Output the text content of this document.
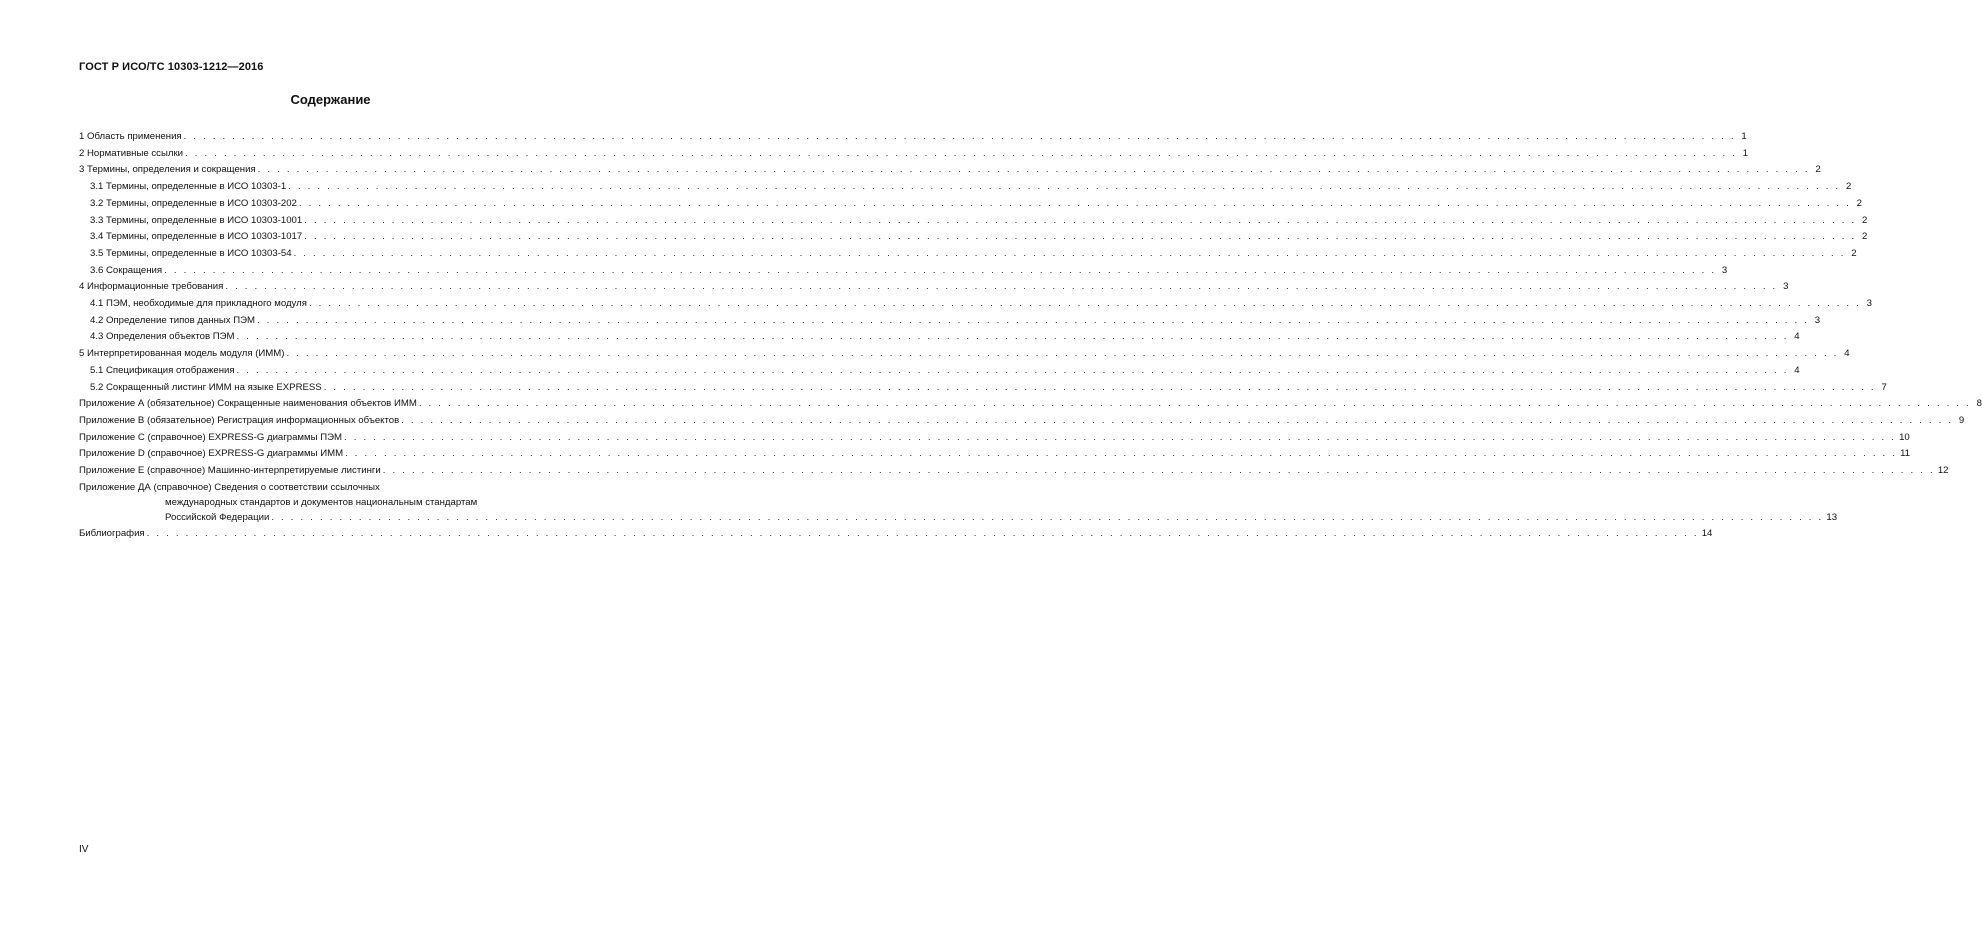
ГОСТ Р ИСО/ТС 10303-1212—2016
Содержание
1 Область применения . . . . . . . . . . . . . . . . . . . . . . . . . . . . . . . . . . . . . . . . . . . . . . . . . . . . . . . . . . . . . . . . . . . . . . . . . . . . . . . . . . . . . . . . . . . . . . . . . . . . . . . . . . . . . . . . . . . . . . . . . . . . . . . . . . . . . . . . . . . . . . . . . . . . . . . . . . . . . . . . 1
2 Нормативные ссылки . . . . . . . . . . . . . . . . . . . . . . . . . . . . . . . . . . . . . . . . . . . . . . . . . . . . . . . . . . . . . . . . . . . . . . . . . . . . . . . . . . . . . . . . . . . . . . . . . . . . . . . . . . . . . . . . . . . . . . . . . . . . . . . . . . . . . . . . . . . . . . . . . . . . . . . . . . . . . . . . 1
3 Термины, определения и сокращения . . . . . . . . . . . . . . . . . . . . . . . . . . . . . . . . . . . . . . . . . . . . . . . . . . . . . . . . . . . . . . . . . . . . . . . . . . . . . . . . . . . . . . . . . . . . . . . . . . . . . . . . . . . . . . . . . . . . . . . . . . . . . . . . . . . . . . . . . . . . . . . . . . . . . . . . . . . . . . . . 2
3.1 Термины, определенные в ИСО 10303-1 . . . . . . . . . . . . . . . . . . . . . . . . . . . . . . . . . . . . . . . . . . . . . . . . . . . . . . . . . . . . . . . . . . . . . . . . . . . . . . . . . . . . . . . . . . . . . . . . . . . . . . . . . . . . . . . . . . . . . . . . . . . . . . . . . . . . . . . . . . . . . . . . . . . . . . . . . . . . . . . . 2
3.2 Термины, определенные в ИСО 10303-202 . . . . . . . . . . . . . . . . . . . . . . . . . . . . . . . . . . . . . . . . . . . . . . . . . . . . . . . . . . . . . . . . . . . . . . . . . . . . . . . . . . . . . . . . . . . . . . . . . . . . . . . . . . . . . . . . . . . . . . . . . . . . . . . . . . . . . . . . . . . . . . . . . . . . . . . . . . . . . . . . 2
3.3 Термины, определенные в ИСО 10303-1001 . . . . . . . . . . . . . . . . . . . . . . . . . . . . . . . . . . . . . . . . . . . . . . . . . . . . . . . . . . . . . . . . . . . . . . . . . . . . . . . . . . . . . . . . . . . . . . . . . . . . . . . . . . . . . . . . . . . . . . . . . . . . . . . . . . . . . . . . . . . . . . . . . . . . . . . . . . . . . . . . 2
3.4 Термины, определенные в ИСО 10303-1017 . . . . . . . . . . . . . . . . . . . . . . . . . . . . . . . . . . . . . . . . . . . . . . . . . . . . . . . . . . . . . . . . . . . . . . . . . . . . . . . . . . . . . . . . . . . . . . . . . . . . . . . . . . . . . . . . . . . . . . . . . . . . . . . . . . . . . . . . . . . . . . . . . . . . . . . . . . . . . . . . 2
3.5 Термины, определенные в ИСО 10303-54 . . . . . . . . . . . . . . . . . . . . . . . . . . . . . . . . . . . . . . . . . . . . . . . . . . . . . . . . . . . . . . . . . . . . . . . . . . . . . . . . . . . . . . . . . . . . . . . . . . . . . . . . . . . . . . . . . . . . . . . . . . . . . . . . . . . . . . . . . . . . . . . . . . . . . . . . . . . . . . . . 2
3.6 Сокращения . . . . . . . . . . . . . . . . . . . . . . . . . . . . . . . . . . . . . . . . . . . . . . . . . . . . . . . . . . . . . . . . . . . . . . . . . . . . . . . . . . . . . . . . . . . . . . . . . . . . . . . . . . . . . . . . . . . . . . . . . . . . . . . . . . . . . . . . . . . . . . . . . . . . . . . . . . . . . . . . 3
4 Информационные требования . . . . . . . . . . . . . . . . . . . . . . . . . . . . . . . . . . . . . . . . . . . . . . . . . . . . . . . . . . . . . . . . . . . . . . . . . . . . . . . . . . . . . . . . . . . . . . . . . . . . . . . . . . . . . . . . . . . . . . . . . . . . . . . . . . . . . . . . . . . . . . . . . . . . . . . . . . . . . . . . 3
4.1 ПЭМ, необходимые для прикладного модуля . . . . . . . . . . . . . . . . . . . . . . . . . . . . . . . . . . . . . . . . . . . . . . . . . . . . . . . . . . . . . . . . . . . . . . . . . . . . . . . . . . . . . . . . . . . . . . . . . . . . . . . . . . . . . . . . . . . . . . . . . . . . . . . . . . . . . . . . . . . . . . . . . . . . . . . . . . . . . . . . 3
4.2 Определение типов данных ПЭМ . . . . . . . . . . . . . . . . . . . . . . . . . . . . . . . . . . . . . . . . . . . . . . . . . . . . . . . . . . . . . . . . . . . . . . . . . . . . . . . . . . . . . . . . . . . . . . . . . . . . . . . . . . . . . . . . . . . . . . . . . . . . . . . . . . . . . . . . . . . . . . . . . . . . . . . . . . . . . . . . 3
4.3 Определения объектов ПЭМ . . . . . . . . . . . . . . . . . . . . . . . . . . . . . . . . . . . . . . . . . . . . . . . . . . . . . . . . . . . . . . . . . . . . . . . . . . . . . . . . . . . . . . . . . . . . . . . . . . . . . . . . . . . . . . . . . . . . . . . . . . . . . . . . . . . . . . . . . . . . . . . . . . . . . . . . . . . . . . . . 4
5 Интерпретированная модель модуля (ИММ) . . . . . . . . . . . . . . . . . . . . . . . . . . . . . . . . . . . . . . . . . . . . . . . . . . . . . . . . . . . . . . . . . . . . . . . . . . . . . . . . . . . . . . . . . . . . . . . . . . . . . . . . . . . . . . . . . . . . . . . . . . . . . . . . . . . . . . . . . . . . . . . . . . . . . . . . . . . . . . . . 4
5.1 Спецификация отображения . . . . . . . . . . . . . . . . . . . . . . . . . . . . . . . . . . . . . . . . . . . . . . . . . . . . . . . . . . . . . . . . . . . . . . . . . . . . . . . . . . . . . . . . . . . . . . . . . . . . . . . . . . . . . . . . . . . . . . . . . . . . . . . . . . . . . . . . . . . . . . . . . . . . . . . . . . . . . . . . 4
5.2 Сокращенный листинг ИММ на языке EXPRESS . . . . . . . . . . . . . . . . . . . . . . . . . . . . . . . . . . . . . . . . . . . . . . . . . . . . . . . . . . . . . . . . . . . . . . . . . . . . . . . . . . . . . . . . . . . . . . . . . . . . . . . . . . . . . . . . . . . . . . . . . . . . . . . . . . . . . . . . . . . . . . . . . . . . . . . . . . . . . . . . 7
Приложение А (обязательное) Сокращенные наименования объектов ИММ . . . . . . . . . . . . . . . . . . . . . . . . . . . . . . . . . . . . . . . . . . . . . . . . . . . . . . . . . . . . . . . . . . . . . . . . . . . . . . . . . . . . . . . . . . . . . . . . . . . . . . . . . . . . . . . . . . . . . . . . . . . . . . . . . . . . . . . . . . . . . . . . . . . . . . . . . . . . . . . . 8
Приложение В (обязательное) Регистрация информационных объектов . . . . . . . . . . . . . . . . . . . . . . . . . . . . . . . . . . . . . . . . . . . . . . . . . . . . . . . . . . . . . . . . . . . . . . . . . . . . . . . . . . . . . . . . . . . . . . . . . . . . . . . . . . . . . . . . . . . . . . . . . . . . . . . . . . . . . . . . . . . . . . . . . . . . . . . . . . . . . . . . 9
Приложение С (справочное) EXPRESS-G диаграммы ПЭМ . . . . . . . . . . . . . . . . . . . . . . . . . . . . . . . . . . . . . . . . . . . . . . . . . . . . . . . . . . . . . . . . . . . . . . . . . . . . . . . . . . . . . . . . . . . . . . . . . . . . . . . . . . . . . . . . . . . . . . . . . . . . . . . . . . . . . . . . . . . . . . . . . . . . . . . . . . . . . . . . 10
Приложение D (справочное) EXPRESS-G диаграммы ИММ . . . . . . . . . . . . . . . . . . . . . . . . . . . . . . . . . . . . . . . . . . . . . . . . . . . . . . . . . . . . . . . . . . . . . . . . . . . . . . . . . . . . . . . . . . . . . . . . . . . . . . . . . . . . . . . . . . . . . . . . . . . . . . . . . . . . . . . . . . . . . . . . . . . . . . . . . . . . . . . . 11
Приложение Е (справочное) Машинно-интерпретируемые листинги . . . . . . . . . . . . . . . . . . . . . . . . . . . . . . . . . . . . . . . . . . . . . . . . . . . . . . . . . . . . . . . . . . . . . . . . . . . . . . . . . . . . . . . . . . . . . . . . . . . . . . . . . . . . . . . . . . . . . . . . . . . . . . . . . . . . . . . . . . . . . . . . . . . . . . . . . . . . . . . . 12
Приложение ДА (справочное) Сведения о соответствии ссылочных
международных стандартов и документов национальным стандартам
Российской Федерации . . . . . . . . . . . . . . . . . . . . . . . . . . . . . . . . . . . . . . . . . . . . . . . . . . . . . . . . . . . . . . . . . . . . . . . . . . . . . . . . . . . . . . . . . . . . . . . . . . . . . . . . . . . . . . . . . . . . . . . . . . . . . . . . . . . . . . . . . . . . . . . . . . . . . . . . . . . . . . . . 13
Библиография . . . . . . . . . . . . . . . . . . . . . . . . . . . . . . . . . . . . . . . . . . . . . . . . . . . . . . . . . . . . . . . . . . . . . . . . . . . . . . . . . . . . . . . . . . . . . . . . . . . . . . . . . . . . . . . . . . . . . . . . . . . . . . . . . . . . . . . . . . . . . . . . . . . . . . . . . . . . . . . . 14
IV
